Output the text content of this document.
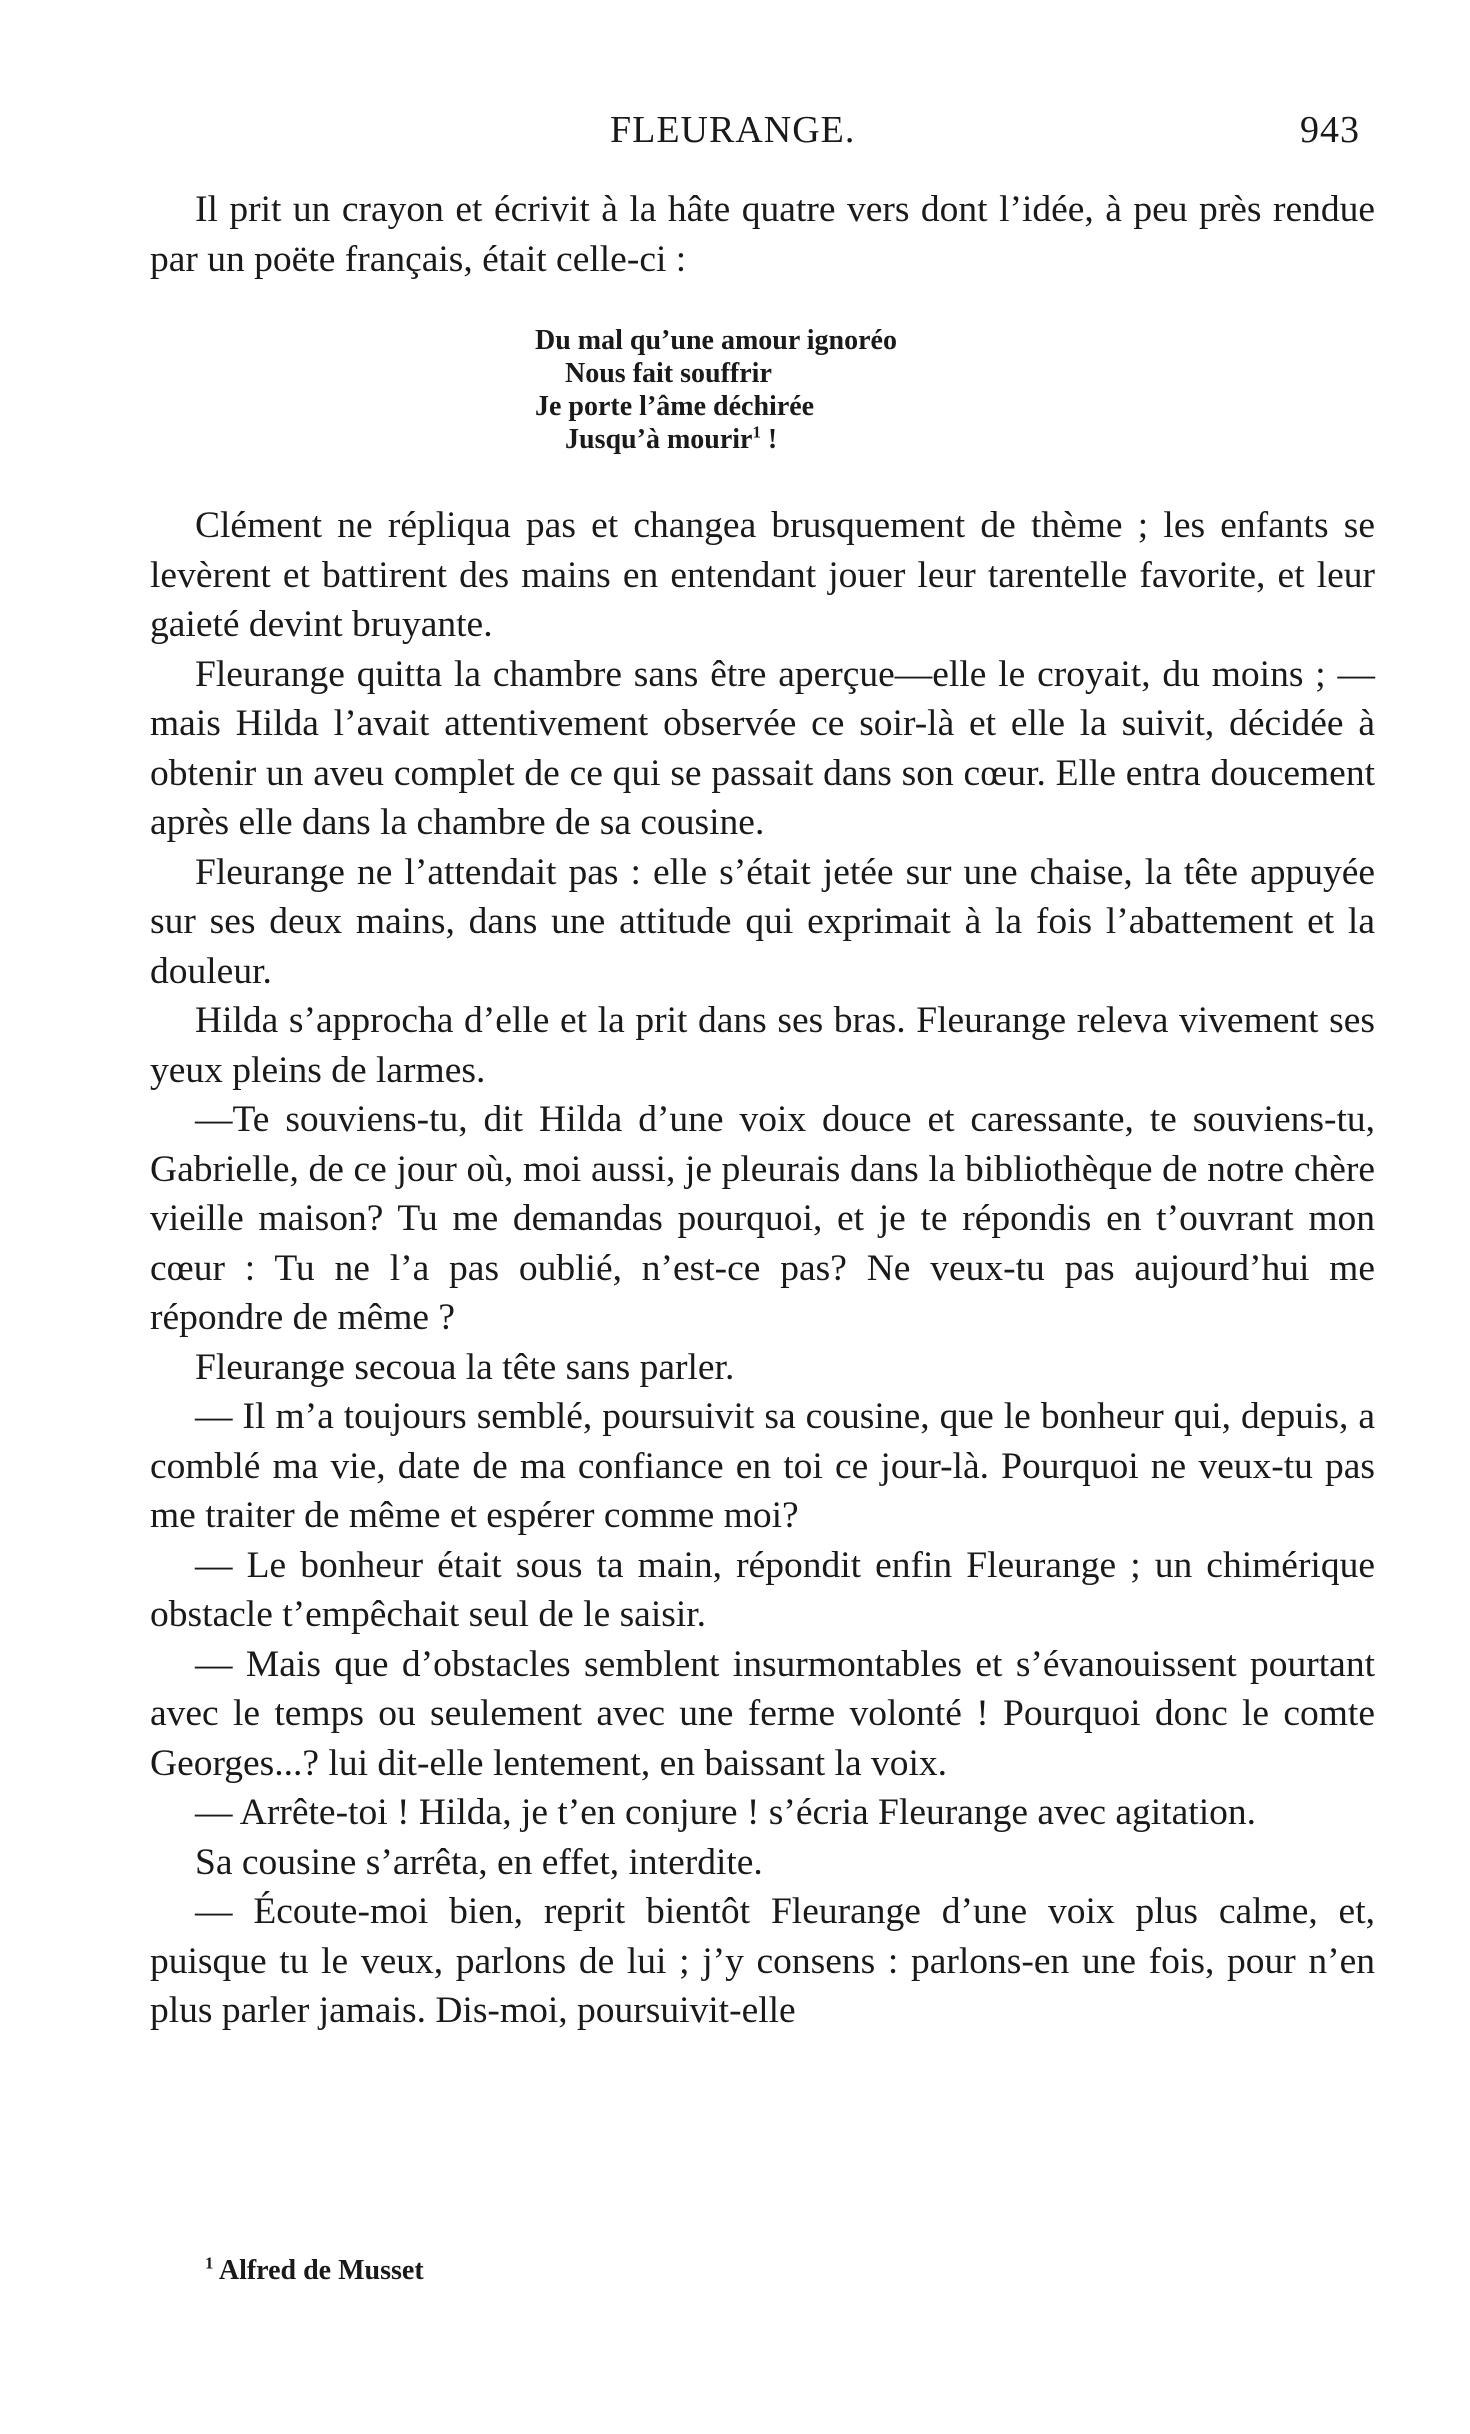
FLEURANGE.	943

Il prit un crayon et écrivit à la hâte quatre vers dont l’idée, à peu près rendue par un poëte français, était celle-ci :

Du mal qu’une amour ignoréo
Nous fait souffrir
Je porte l’âme déchirée
Jusqu’à mourir$^1$ !

Clément ne répliqua pas et changea brusquement de thème ; les enfants se levèrent et battirent des mains en entendant jouer leur tarentelle favorite, et leur gaieté devint bruyante.

Fleurange quitta la chambre sans être aperçue—elle le croyait, du moins ; —mais Hilda l’avait attentivement observée ce soir-là et elle la suivit, décidée à obtenir un aveu complet de ce qui se passait dans son cœur. Elle entra doucement après elle dans la chambre de sa cousine.

Fleurange ne l’attendait pas : elle s’était jetée sur une chaise, la tête appuyée sur ses deux mains, dans une attitude qui exprimait à la fois l’abattement et la douleur.

Hilda s’approcha d’elle et la prit dans ses bras. Fleurange releva vivement ses yeux pleins de larmes.

—Te souviens-tu, dit Hilda d’une voix douce et caressante, te souviens-tu, Gabrielle, de ce jour où, moi aussi, je pleurais dans la bibliothèque de notre chère vieille maison? Tu me demandas pourquoi, et je te répondis en t’ouvrant mon cœur : Tu ne l’a pas oublié, n’est-ce pas? Ne veux-tu pas aujourd’hui me répondre de même ?

Fleurange secoua la tête sans parler.

— Il m’a toujours semblé, poursuivit sa cousine, que le bonheur qui, depuis, a comblé ma vie, date de ma confiance en toi ce jour-là. Pourquoi ne veux-tu pas me traiter de même et espérer comme moi?

— Le bonheur était sous ta main, répondit enfin Fleurange ; un chimérique obstacle t’empêchait seul de le saisir.

— Mais que d’obstacles semblent insurmontables et s’évanouissent pourtant avec le temps ou seulement avec une ferme volonté ! Pourquoi donc le comte Georges...? lui dit-elle lentement, en baissant la voix.

— Arrête-toi ! Hilda, je t’en conjure ! s’écria Fleurange avec agitation.

Sa cousine s’arrêta, en effet, interdite.

— Écoute-moi bien, reprit bientôt Fleurange d’une voix plus calme, et, puisque tu le veux, parlons de lui ; j’y consens : parlons-en une fois, pour n’en plus parler jamais. Dis-moi, poursuivit-elle

$^1$ Alfred de Musset
